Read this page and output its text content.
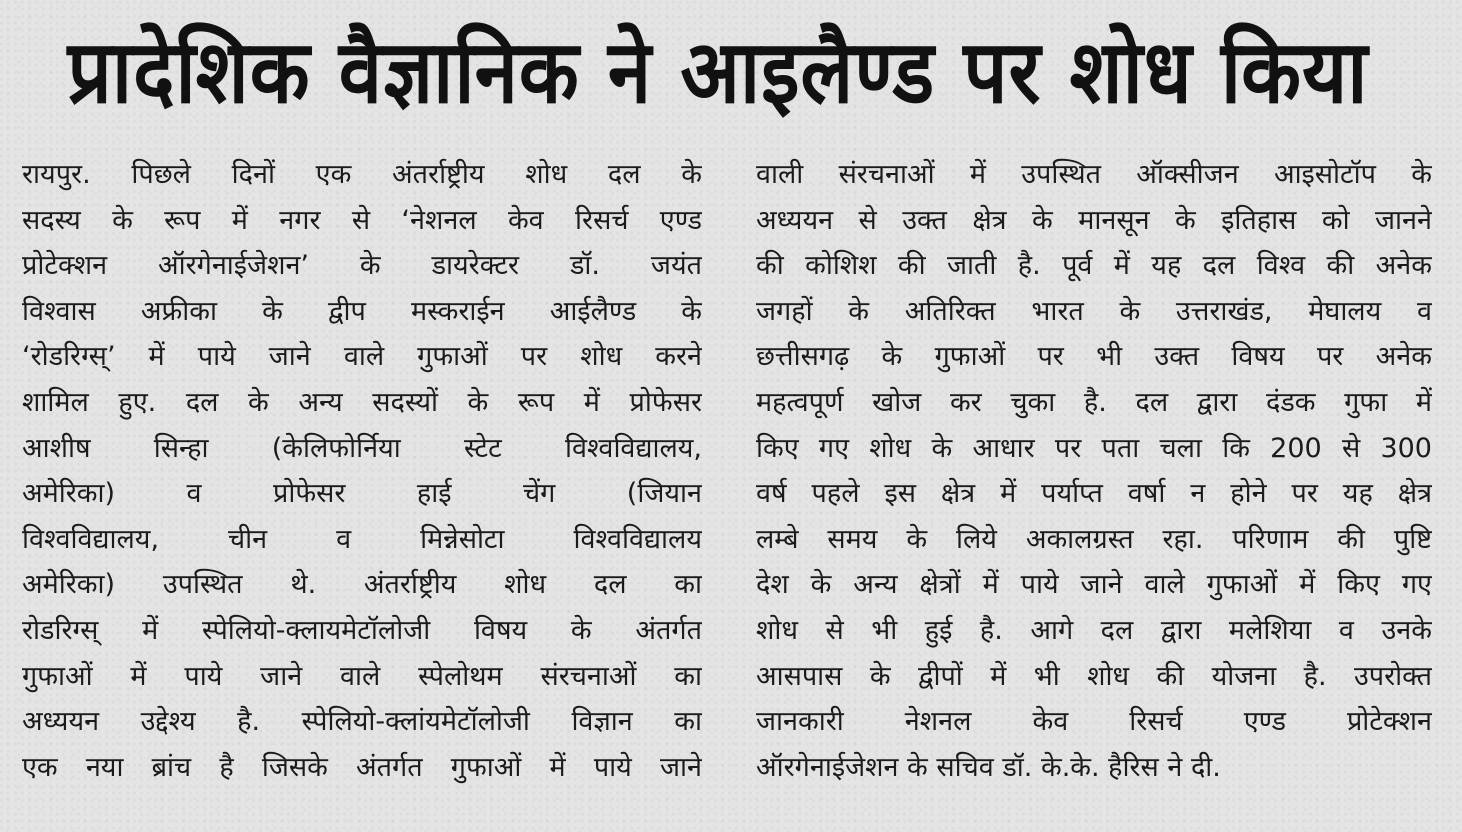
प्रादेशिक वैज्ञानिक ने आइलैण्ड पर शोध किया
रायपुर. पिछले दिनों एक अंतर्राष्ट्रीय शोध दल के
सदस्य के रूप में नगर से ‘नेशनल केव रिसर्च एण्ड
प्रोटेक्शन ऑरगेनाईजेशन’ के डायरेक्टर डॉ. जयंत
विश्वास अफ्रीका के द्वीप मस्कराईन आईलैण्ड के
‘रोडरिग्स्’ में पाये जाने वाले गुफाओं पर शोध करने
शामिल हुए. दल के अन्य सदस्यों के रूप में प्रोफेसर
आशीष सिन्हा (केलिफोर्निया स्टेट विश्वविद्यालय,
अमेरिका) व प्रोफेसर हाई चेंग (जियान
विश्वविद्यालय, चीन व मिन्नेसोटा विश्वविद्यालय
अमेरिका) उपस्थित थे. अंतर्राष्ट्रीय शोध दल का
रोडरिग्स् में स्पेलियो-क्लायमेटॉलोजी विषय के अंतर्गत
गुफाओं में पाये जाने वाले स्पेलोथम संरचनाओं का
अध्ययन उद्देश्य है. स्पेलियो-क्लांयमेटॉलोजी विज्ञान का
एक नया ब्रांच है जिसके अंतर्गत गुफाओं में पाये जाने
वाली संरचनाओं में उपस्थित ऑक्सीजन आइसोटॉप के
अध्ययन से उक्त क्षेत्र के मानसून के इतिहास को जानने
की कोशिश की जाती है. पूर्व में यह दल विश्व की अनेक
जगहों के अतिरिक्त भारत के उत्तराखंड, मेघालय व
छत्तीसगढ़ के गुफाओं पर भी उक्त विषय पर अनेक
महत्वपूर्ण खोज कर चुका है. दल द्वारा दंडक गुफा में
किए गए शोध के आधार पर पता चला कि 200 से 300
वर्ष पहले इस क्षेत्र में पर्याप्त वर्षा न होने पर यह क्षेत्र
लम्बे समय के लिये अकालग्रस्त रहा. परिणाम की पुष्टि
देश के अन्य क्षेत्रों में पाये जाने वाले गुफाओं में किए गए
शोध से भी हुई है. आगे दल द्वारा मलेशिया व उनके
आसपास के द्वीपों में भी शोध की योजना है. उपरोक्त
जानकारी नेशनल केव रिसर्च एण्ड प्रोटेक्शन
ऑरगेनाईजेशन के सचिव डॉ. के.के. हैरिस ने दी.
